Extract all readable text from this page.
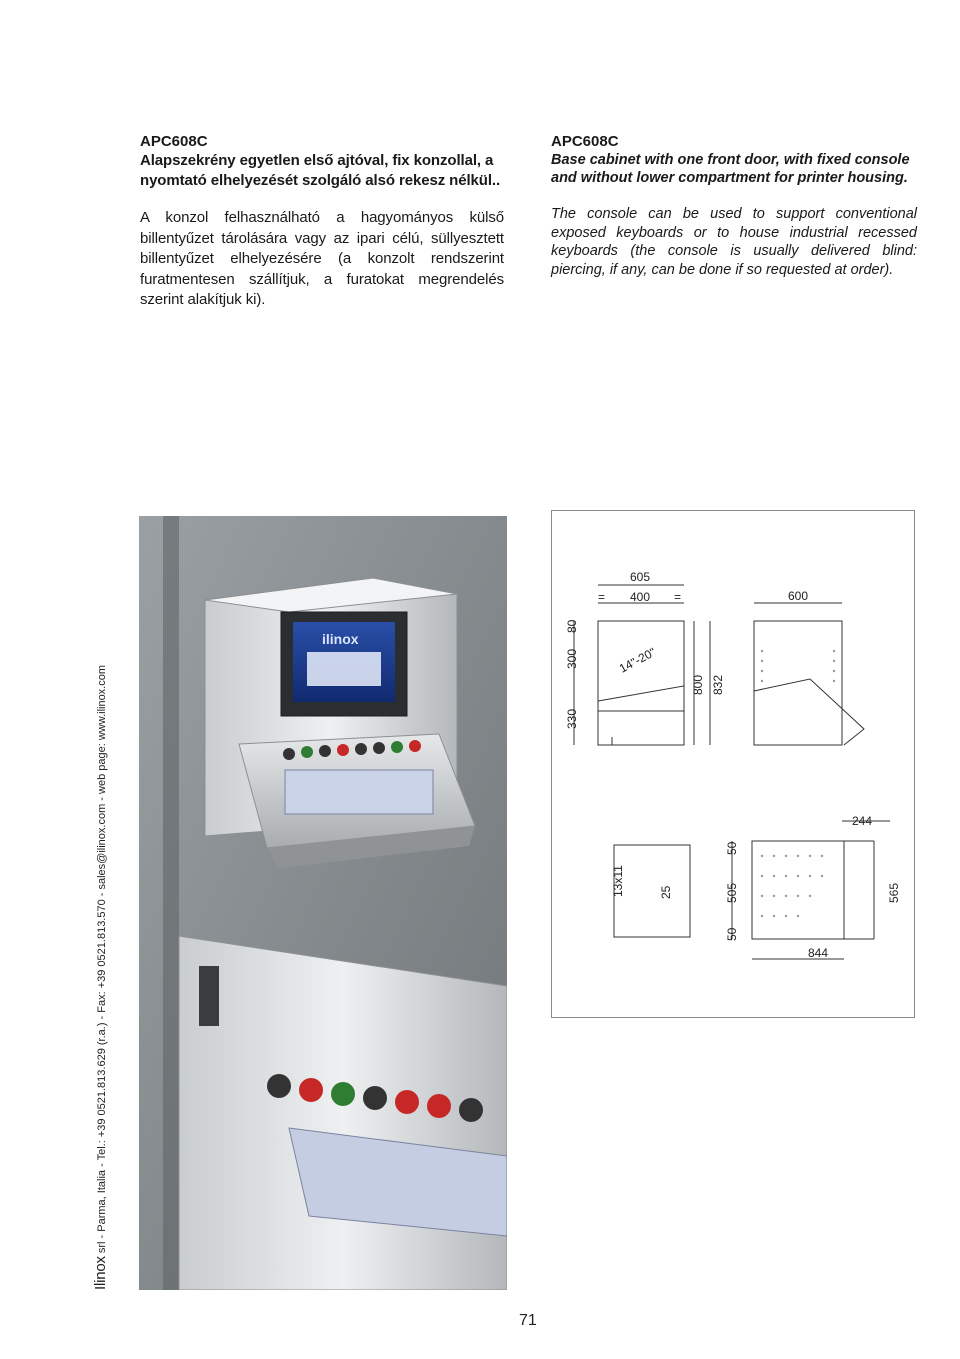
APC608C
Alapszekrény egyetlen első ajtóval, fix konzollal, a nyomtató elhelyezését szolgáló alsó rekesz nélkül..
A konzol felhasználható a hagyományos külső billentyűzet tárolására vagy az ipari célú, süllyesztett billentyűzet elhelyezésére (a konzolt rendszerint furatmentesen szállítjuk, a furatokat megrendelés szerint alakítjuk ki).
APC608C
Base cabinet with one front door, with fixed console and without lower compartment for printer housing.
The console can be used to support conventional exposed keyboards or to house industrial recessed keyboards (the console is usually delivered blind: piercing, if any, can be done if so requested at order).
ilinox
605
= 400 =	600
80
300
330
14"-20"
800 832
244
50
505
50
565
844
13x11	25
Ilinox srl - Parma, Italia - Tel.: +39 0521.813.629 (r.a.) - Fax: +39 0521.813.570 - sales@ilinox.com - web page: www.ilinox.com
71
